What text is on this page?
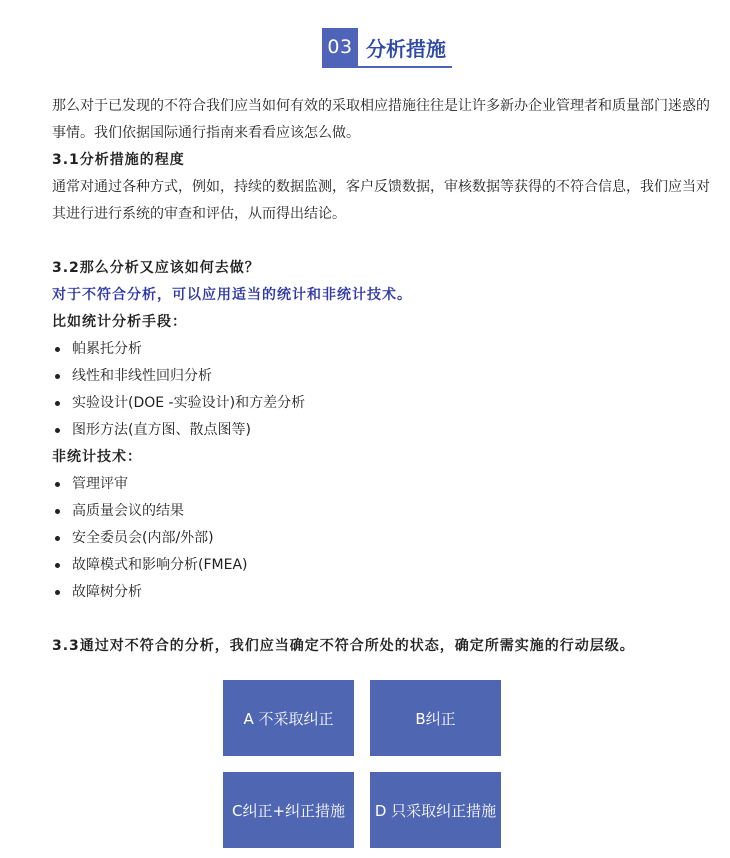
03 分析措施

那么对于已发现的不符合我们应当如何有效的采取相应措施往往是让许多新办企业管理者和质量部门迷惑的事情。我们依据国际通行指南来看看应该怎么做。

3.1分析措施的程度

通常对通过各种方式，例如，持续的数据监测，客户反馈数据，审核数据等获得的不符合信息，我们应当对其进行进行系统的审查和评估，从而得出结论。

3.2那么分析又应该如何去做？

对于不符合分析，可以应用适当的统计和非统计技术。

比如统计分析手段：

帕累托分析

线性和非线性回归分析

实验设计(DOE -实验设计)和方差分析

图形方法(直方图、散点图等)

非统计技术：

管理评审

高质量会议的结果

安全委员会(内部/外部)

故障模式和影响分析(FMEA)

故障树分析

3.3通过对不符合的分析，我们应当确定不符合所处的状态，确定所需实施的行动层级。

A 不采取纠正	B纠正
C纠正+纠正措施	D 只采取纠正措施
